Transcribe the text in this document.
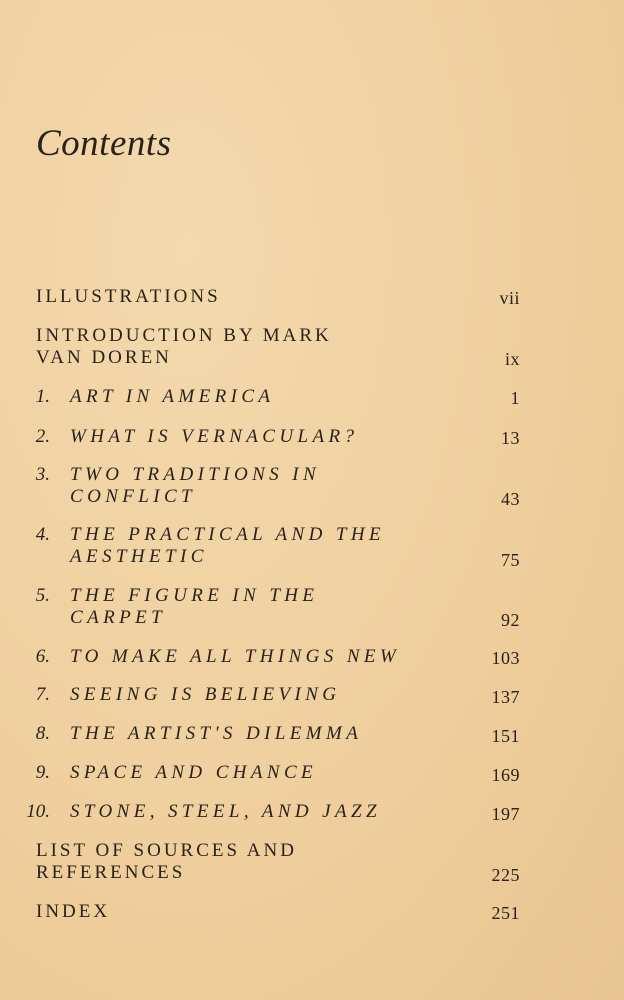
Contents
ILLUSTRATIONS	vii
INTRODUCTION BY MARK
VAN DOREN	ix
1. ART IN AMERICA	1
2. WHAT IS VERNACULAR?	13
3. TWO TRADITIONS IN
CONFLICT	43
4. THE PRACTICAL AND THE
AESTHETIC	75
5. THE FIGURE IN THE
CARPET	92
6. TO MAKE ALL THINGS NEW	103
7. SEEING IS BELIEVING	137
8. THE ARTIST'S DILEMMA	151
9. SPACE AND CHANCE	169
10. STONE, STEEL, AND JAZZ	197
LIST OF SOURCES AND
REFERENCES	225
INDEX	251
